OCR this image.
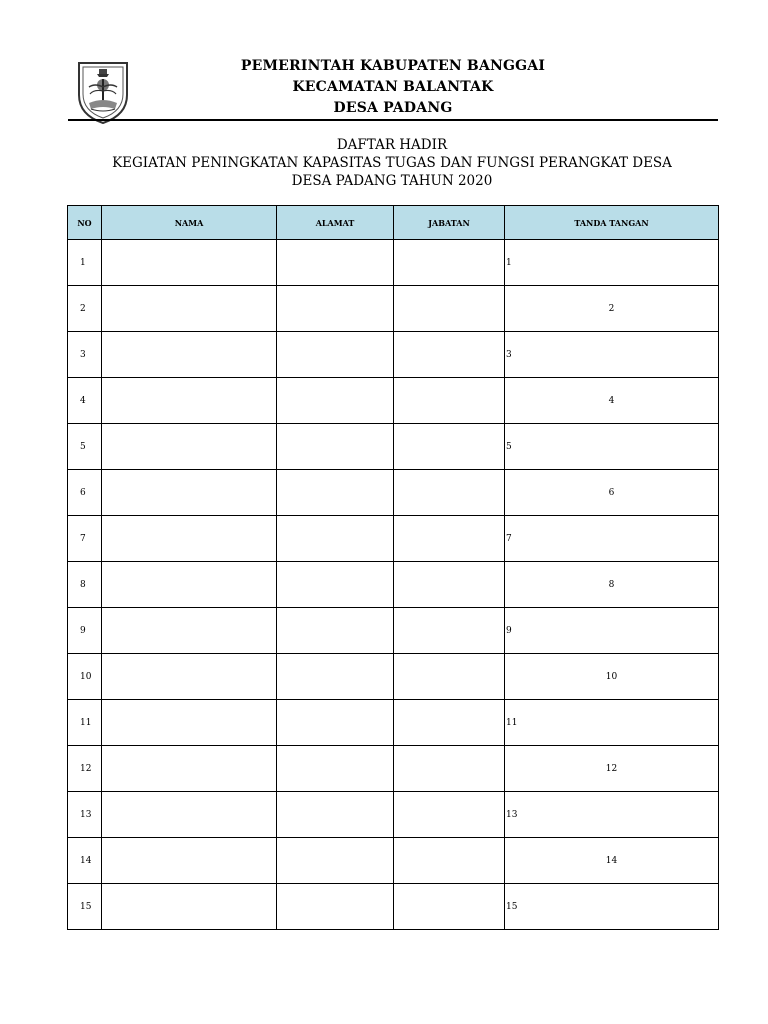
PEMERINTAH KABUPATEN BANGGAI
KECAMATAN BALANTAK
DESA PADANG
DAFTAR HADIR
KEGIATAN PENINGKATAN KAPASITAS TUGAS DAN FUNGSI PERANGKAT DESA
DESA PADANG TAHUN 2020
NO	NAMA	ALAMAT	JABATAN	TANDA TANGAN
1				1

2				2

3				3

4				4

5				5

6				6

7				7

8				8

9				9

10				10

11				11

12				12

13				13

14				14

15				15
